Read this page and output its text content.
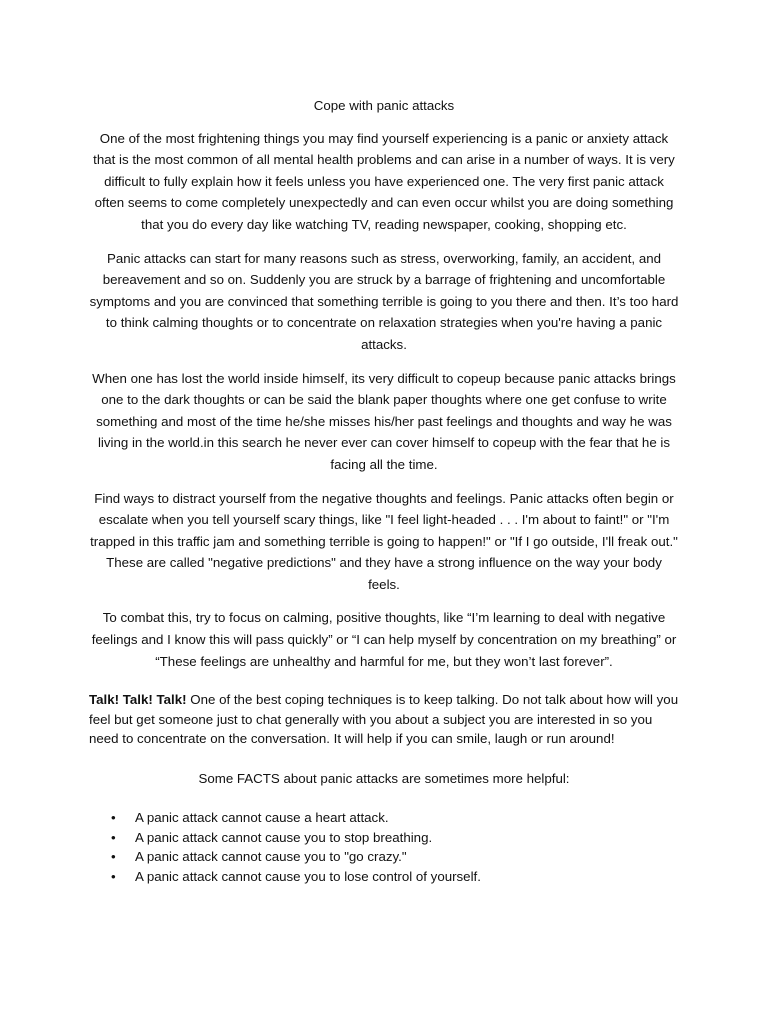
Cope with panic attacks

One of the most frightening things you may find yourself experiencing is a panic or anxiety attack that is the most common of all mental health problems and can arise in a number of ways. It is very difficult to fully explain how it feels unless you have experienced one. The very first panic attack often seems to come completely unexpectedly and can even occur whilst you are doing something that you do every day like watching TV, reading newspaper, cooking, shopping etc.

Panic attacks can start for many reasons such as stress, overworking, family, an accident, and bereavement and so on. Suddenly you are struck by a barrage of frightening and uncomfortable symptoms and you are convinced that something terrible is going to you there and then. It’s too hard to think calming thoughts or to concentrate on relaxation strategies when you're having a panic attacks.

When one has lost the world inside himself, its very difficult to copeup because panic attacks brings one to the dark thoughts or can be said the blank paper thoughts where one get confuse to write something and most of the time he/she misses his/her past feelings and thoughts and way he was living in the world.in this search he never ever can cover himself to copeup with the fear that he is facing all the time.

Find ways to distract yourself from the negative thoughts and feelings. Panic attacks often begin or escalate when you tell yourself scary things, like "I feel light-headed . . . I'm about to faint!" or "I'm trapped in this traffic jam and something terrible is going to happen!" or "If I go outside, I'll freak out." These are called "negative predictions" and they have a strong influence on the way your body feels.

To combat this, try to focus on calming, positive thoughts, like “I’m learning to deal with negative feelings and I know this will pass quickly” or “I can help myself by concentration on my breathing” or “These feelings are unhealthy and harmful for me, but they won’t last forever”.

Talk! Talk! Talk! One of the best coping techniques is to keep talking. Do not talk about how will you feel but get someone just to chat generally with you about a subject you are interested in so you need to concentrate on the conversation. It will help if you can smile, laugh or run around!

Some FACTS about panic attacks are sometimes more helpful:
• A panic attack cannot cause a heart attack.
• A panic attack cannot cause you to stop breathing.
• A panic attack cannot cause you to "go crazy."
• A panic attack cannot cause you to lose control of yourself.
